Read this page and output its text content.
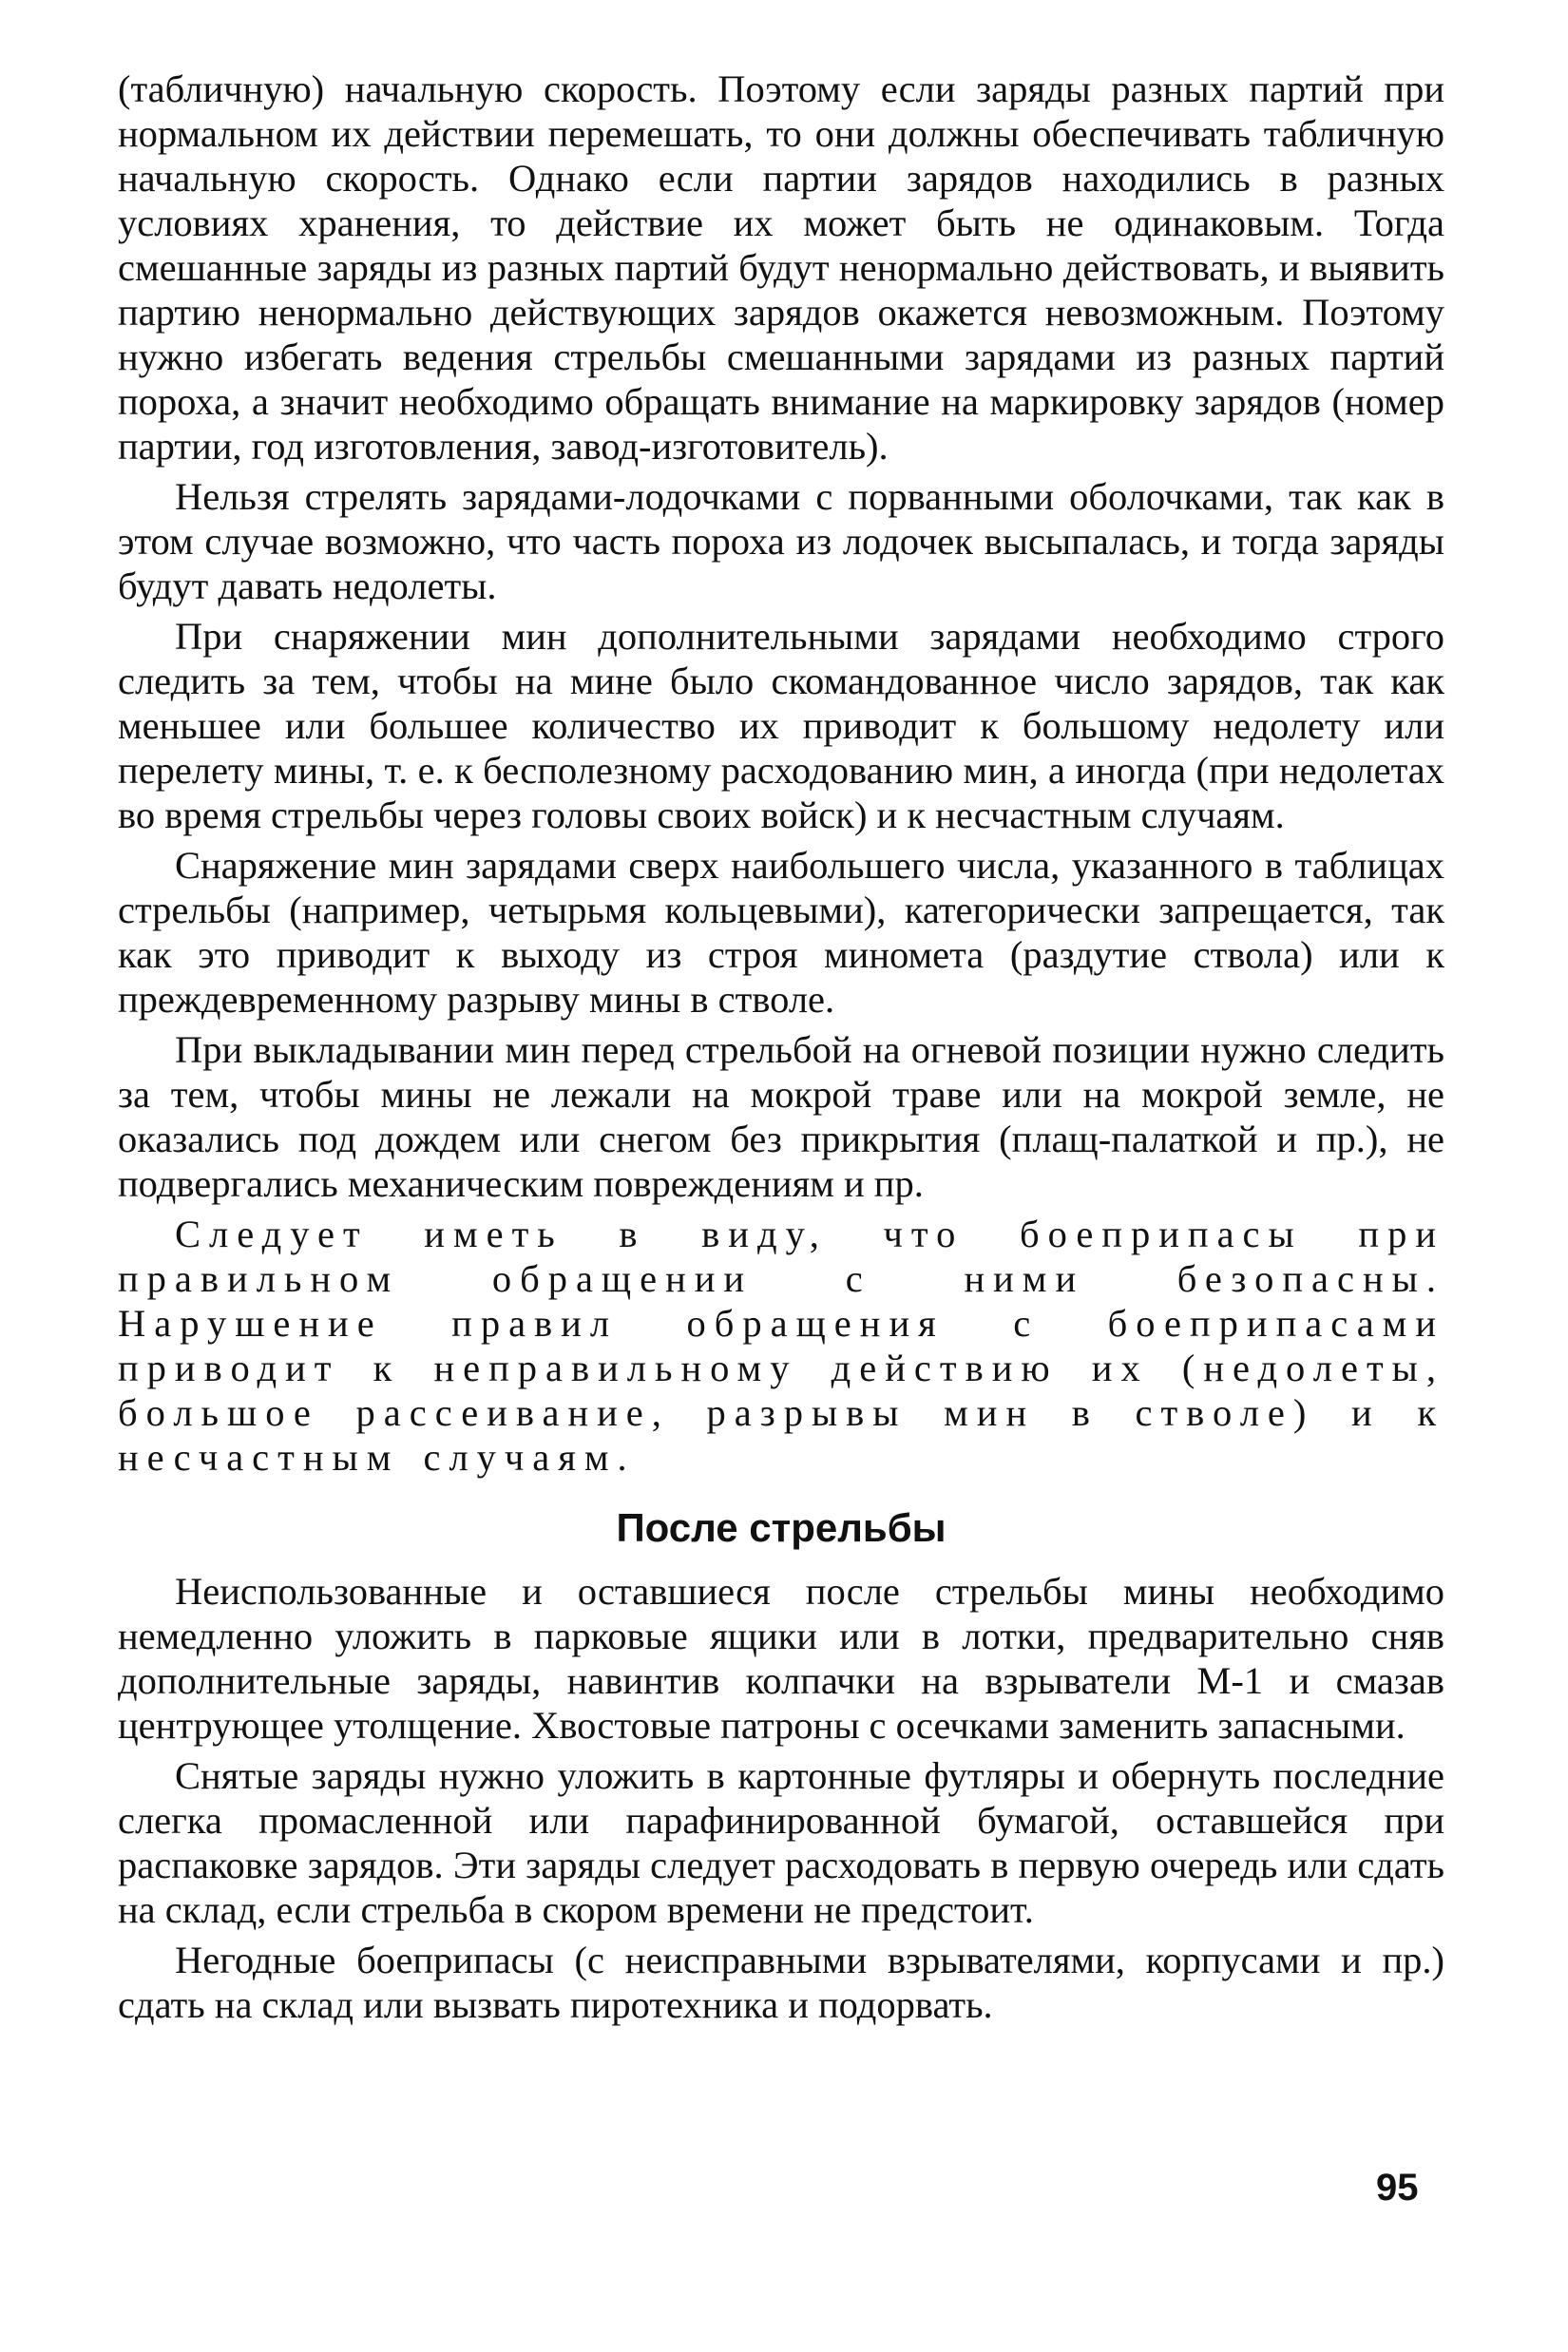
(табличную) начальную скорость. Поэтому если заряды разных партий при нормальном их действии перемешать, то они должны обеспечивать табличную начальную скорость. Однако если партии зарядов находились в разных условиях хранения, то действие их может быть не одинаковым. Тогда смешанные заряды из разных партий будут ненормально действовать, и выявить партию ненормально действующих зарядов окажется невозможным. Поэтому нужно избегать ведения стрельбы смешанными зарядами из разных партий пороха, а значит необходимо обращать внимание на маркировку зарядов (номер партии, год изготовления, завод-изготовитель).

Нельзя стрелять зарядами-лодочками с порванными оболочками, так как в этом случае возможно, что часть пороха из лодочек высыпалась, и тогда заряды будут давать недолеты.

При снаряжении мин дополнительными зарядами необходимо строго следить за тем, чтобы на мине было скомандованное число зарядов, так как меньшее или большее количество их приводит к большому недолету или перелету мины, т. е. к бесполезному расходованию мин, а иногда (при недолетах во время стрельбы через головы своих войск) и к несчастным случаям.

Снаряжение мин зарядами сверх наибольшего числа, указанного в таблицах стрельбы (например, четырьмя кольцевыми), категорически запрещается, так как это приводит к выходу из строя миномета (раздутие ствола) или к преждевременному разрыву мины в стволе.

При выкладывании мин перед стрельбой на огневой позиции нужно следить за тем, чтобы мины не лежали на мокрой траве или на мокрой земле, не оказались под дождем или снегом без прикрытия (плащ-палаткой и пр.), не подвергались механическим повреждениям и пр.

Следует иметь в виду, что боеприпасы при правильном обращении с ними безопасны. Нарушение правил обращения с боеприпасами приводит к неправильному действию их (недолеты, большое рассеивание, разрывы мин в стволе) и к несчастным случаям.

После стрельбы

Неиспользованные и оставшиеся после стрельбы мины необходимо немедленно уложить в парковые ящики или в лотки, предварительно сняв дополнительные заряды, навинтив колпачки на взрыватели М-1 и смазав центрующее утолщение. Хвостовые патроны с осечками заменить запасными.

Снятые заряды нужно уложить в картонные футляры и обернуть последние слегка промасленной или парафинированной бумагой, оставшейся при распаковке зарядов. Эти заряды следует расходовать в первую очередь или сдать на склад, если стрельба в скором времени не предстоит.

Негодные боеприпасы (с неисправными взрывателями, корпусами и пр.) сдать на склад или вызвать пиротехника и подорвать.

95
